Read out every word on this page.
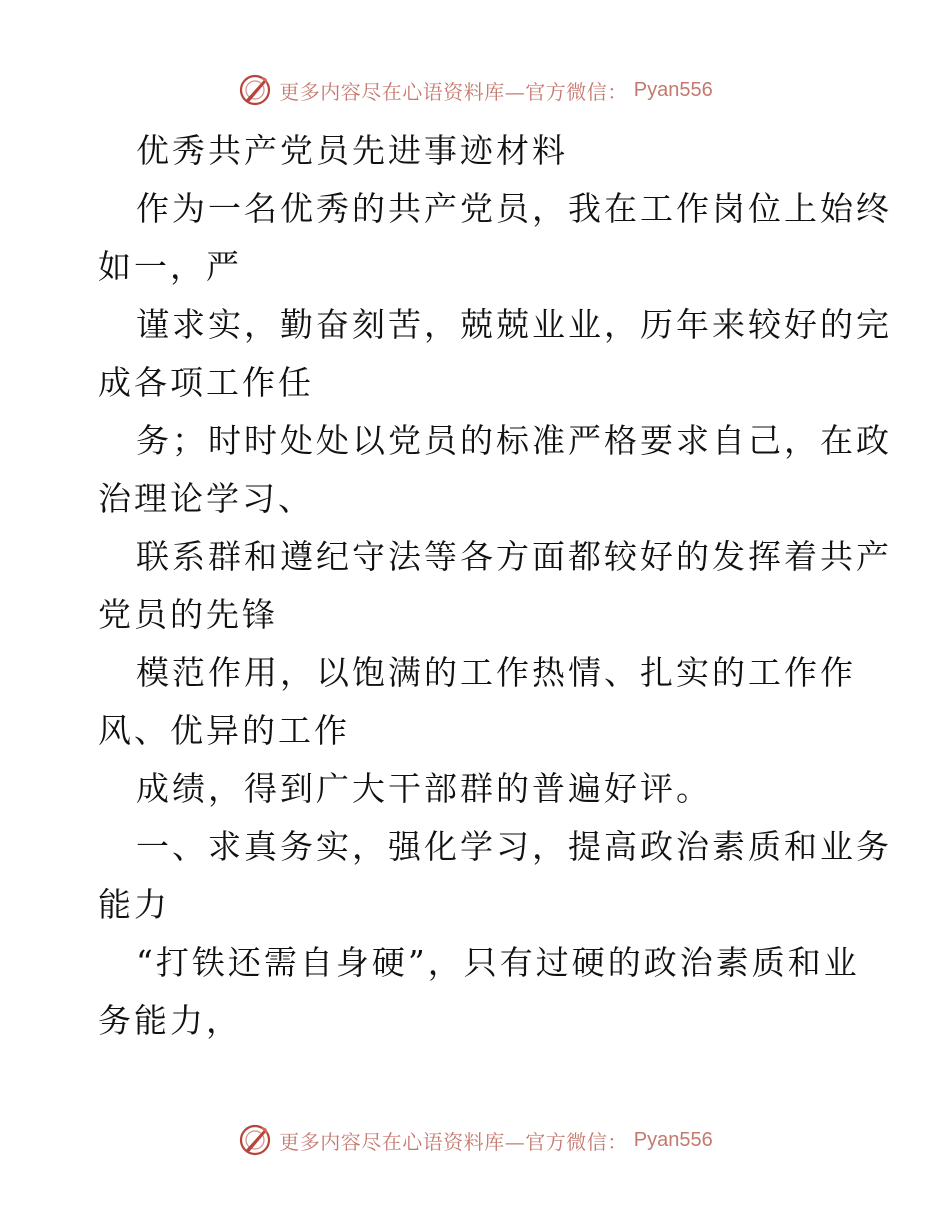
更多内容尽在心语资料库—官方微信： Pyan556
优秀共产党员先进事迹材料
作为一名优秀的共产党员，我在工作岗位上始终
如一，严
谨求实，勤奋刻苦，兢兢业业，历年来较好的完
成各项工作任
务；时时处处以党员的标准严格要求自己，在政
治理论学习、
联系群和遵纪守法等各方面都较好的发挥着共产
党员的先锋
模范作用，以饱满的工作热情、扎实的工作作
风、优异的工作
成绩，得到广大干部群的普遍好评。
一、求真务实，强化学习，提高政治素质和业务
能力
“打铁还需自身硬”，只有过硬的政治素质和业
务能力，
更多内容尽在心语资料库—官方微信： Pyan556
